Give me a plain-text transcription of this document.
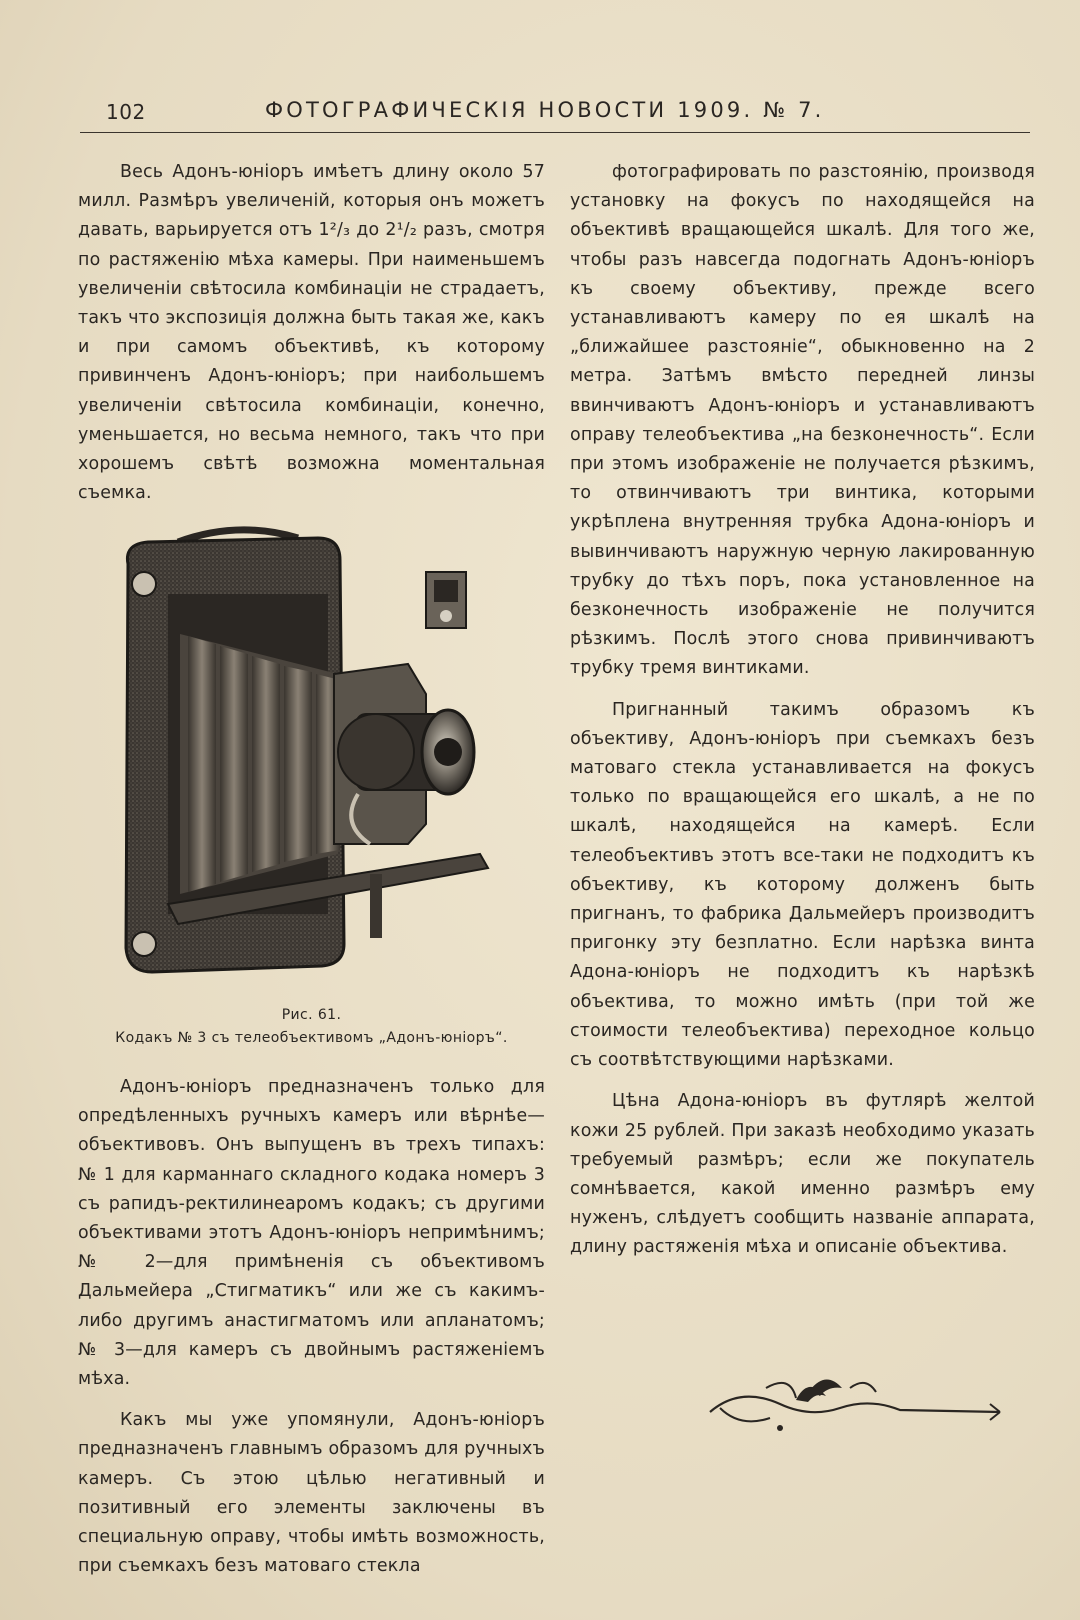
102	ФОТОГРАФИЧЕСКIЯ НОВОСТИ 1909. № 7.

Весь Адонъ-юнiоръ имѣетъ длину около 57 милл. Размѣръ увеличенiй, которыя онъ можетъ давать, варьируется отъ 1²/₃ до 2¹/₂ разъ, смотря по растяженiю мѣха камеры. При наименьшемъ увеличенiи свѣтосила комбинацiи не страдаетъ, такъ что экспозицiя должна быть такая же, какъ и при самомъ объективѣ, къ которому привинченъ Адонъ-юнiоръ; при наибольшемъ увеличенiи свѣтосила комбинацiи, конечно, уменьшается, но весьма немного, такъ что при хорошемъ свѣтѣ возможна моментальная съемка.

Рис. 61.
Кодакъ № 3 съ телеобъективомъ „Адонъ-юнiоръ“.

Адонъ-юнiоръ предназначенъ только для опредѣленныхъ ручныхъ камеръ или вѣрнѣе— объективовъ. Онъ выпущенъ въ трехъ типахъ: № 1 для карманнаго складного кодака номеръ 3 съ рапидъ-ректилинеаромъ кодакъ; съ другими объективами этотъ Адонъ-юнiоръ непримѣнимъ; № 2—для примѣненiя съ объективомъ Дальмейера „Стигматикъ“ или же съ какимъ-либо другимъ анастигматомъ или апланатомъ; № 3—для камеръ съ двойнымъ растяженiемъ мѣха.

Какъ мы уже упомянули, Адонъ-юнiоръ предназначенъ главнымъ образомъ для ручныхъ камеръ. Съ этою цѣлью негативный и позитивный его элементы заключены въ специальную оправу, чтобы имѣть возможность, при съемкахъ безъ матоваго стекла

фотографировать по разстоянiю, производя установку на фокусъ по находящейся на объективѣ вращающейся шкалѣ. Для того же, чтобы разъ навсегда подогнать Адонъ-юнiоръ къ своему объективу, прежде всего устанавливаютъ камеру по ея шкалѣ на „ближайшее разстоянiе“, обыкновенно на 2 метра. Затѣмъ вмѣсто передней линзы ввинчиваютъ Адонъ-юнiоръ и устанавливаютъ оправу телеобъектива „на безконечность“. Если при этомъ изображенiе не получается рѣзкимъ, то отвинчиваютъ три винтика, которыми укрѣплена внутренняя трубка Адона-юнiоръ и вывинчиваютъ наружную черную лакированную трубку до тѣхъ поръ, пока установленное на безконечность изображенiе не получится рѣзкимъ. Послѣ этого снова привинчиваютъ трубку тремя винтиками.

Пригнанный такимъ образомъ къ объективу, Адонъ-юнiоръ при съемкахъ безъ матоваго стекла устанавливается на фокусъ только по вращающейся его шкалѣ, а не по шкалѣ, находящейся на камерѣ. Если телеобъективъ этотъ все-таки не подходитъ къ объективу, къ которому долженъ быть пригнанъ, то фабрика Дальмейеръ производитъ пригонку эту безплатно. Если нарѣзка винта Адона-юнiоръ не подходитъ къ нарѣзкѣ объектива, то можно имѣть (при той же стоимости телеобъектива) переходное кольцо съ соотвѣтствующими нарѣзками.

Цѣна Адона-юнiоръ въ футлярѣ желтой кожи 25 рублей. При заказѣ необходимо указать требуемый размѣръ; если же покупатель сомнѣвается, какой именно размѣръ ему нуженъ, слѣдуетъ сообщить названiе аппарата, длину растяженiя мѣха и описанiе объектива.
